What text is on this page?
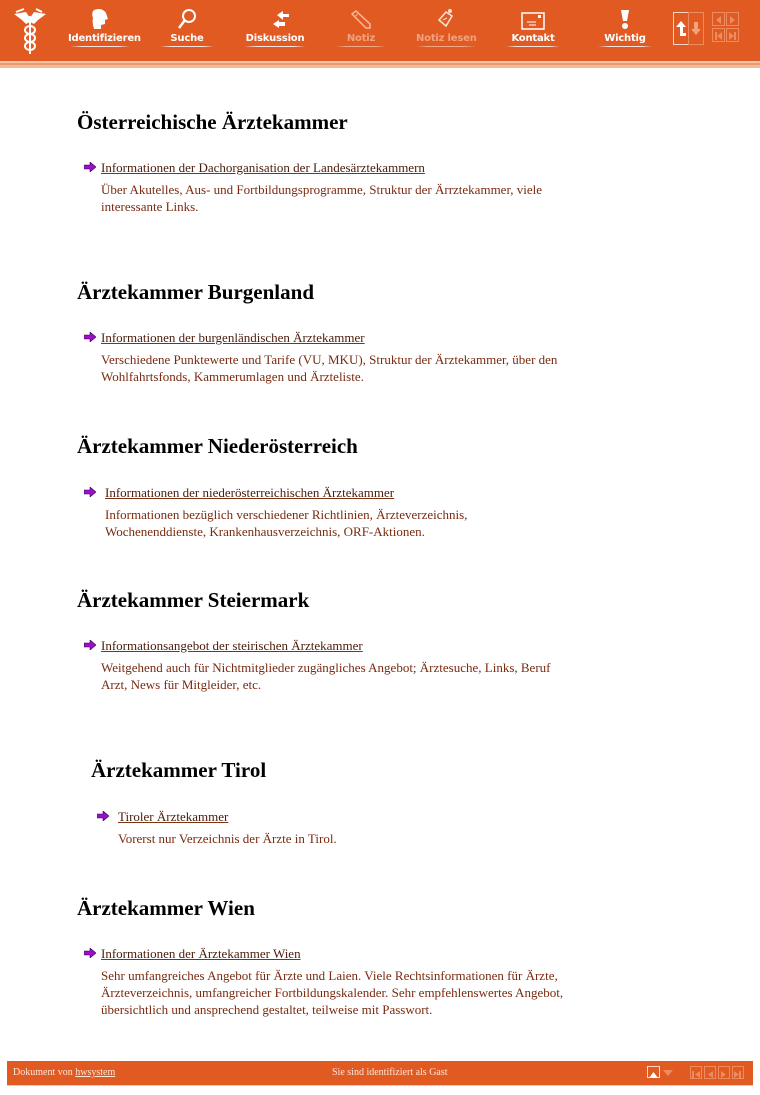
Identifizieren	Suche	Diskussion	Notiz	Notiz lesen	Kontakt	Wichtig
Österreichische Ärztekammer
Informationen der Dachorganisation der Landesärztekammern
Über Akutelles, Aus- und Fortbildungsprogramme, Struktur der Ärrztekammer, viele interessante Links.
Ärztekammer Burgenland
Informationen der burgenländischen Ärztekammer
Verschiedene Punktewerte und Tarife (VU, MKU), Struktur der Ärztekammer, über den Wohlfahrtsfonds, Kammerumlagen und Ärzteliste.
Ärztekammer Niederösterreich
Informationen der niederösterreichischen Ärztekammer
Informationen bezüglich verschiedener Richtlinien, Ärzteverzeichnis, Wochenenddienste, Krankenhausverzeichnis, ORF-Aktionen.
Ärztekammer Steiermark
Informationsangebot der steirischen Ärztekammer
Weitgehend auch für Nichtmitglieder zugängliches Angebot; Ärztesuche, Links, Beruf Arzt, News für Mitgleider, etc.
Ärztekammer Tirol
Tiroler Ärztekammer
Vorerst nur Verzeichnis der Ärzte in Tirol.
Ärztekammer Wien
Informationen der Ärztekammer Wien
Sehr umfangreiches Angebot für Ärzte und Laien. Viele Rechtsinformationen für Ärzte, Ärzteverzeichnis, umfangreicher Fortbildungskalender. Sehr empfehlenswertes Angebot, übersichtlich und ansprechend gestaltet, teilweise mit Passwort.
Dokument von hwsystem	Sie sind identifiziert als Gast
